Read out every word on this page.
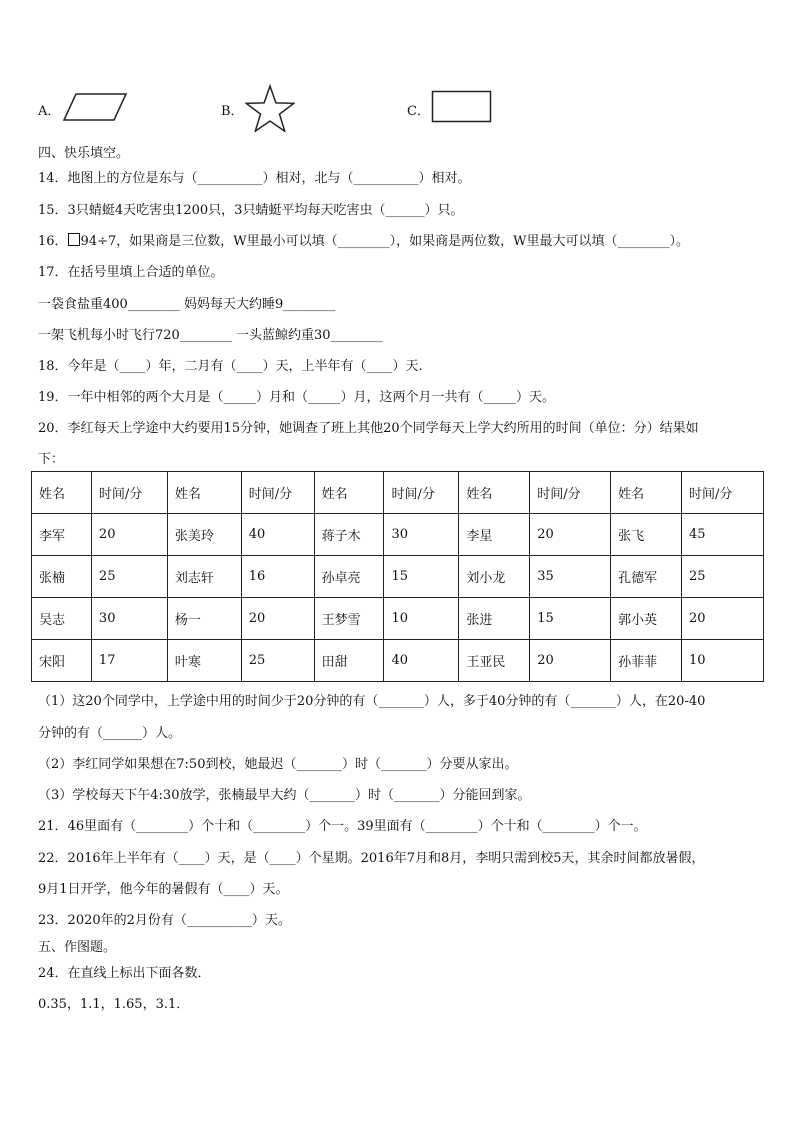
A．	B．	C．
四、快乐填空。
14．地图上的方位是东与（__________）相对，北与（__________）相对。
15．3只蜻蜓4天吃害虫1200只，3只蜻蜓平均每天吃害虫（______）只。
16． 94÷7，如果商是三位数，W里最小可以填（________），如果商是两位数，W里最大可以填（________）。
17．在括号里填上合适的单位。
一袋食盐重400________ 妈妈每天大约睡9________
一架飞机每小时飞行720________ 一头蓝鲸约重30________
18．今年是（____）年，二月有（____）天，上半年有（____）天.
19．一年中相邻的两个大月是（_____）月和（_____）月，这两个月一共有（_____）天。
20．李红每天上学途中大约要用15分钟，她调查了班上其他20个同学每天上学大约所用的时间（单位：分）结果如
下：
姓名	时间/分	姓名	时间/分	姓名	时间/分	姓名	时间/分	姓名	时间/分
李军	20	张美玲	40	蒋子木	30	李星	20	张飞	45
张楠	25	刘志轩	16	孙卓亮	15	刘小龙	35	孔德军	25
吴志	30	杨一	20	王梦雪	10	张进	15	郭小英	20
宋阳	17	叶寒	25	田甜	40	王亚民	20	孙菲菲	10
（1）这20个同学中，上学途中用的时间少于20分钟的有（_______）人，多于40分钟的有（_______）人，在20-40
分钟的有（______）人。
（2）李红同学如果想在7:50到校，她最迟（_______）时（_______）分要从家出。
（3）学校每天下午4:30放学，张楠最早大约（_______）时（_______）分能回到家。
21．46里面有（________）个十和（________）个一。39里面有（________）个十和（________）个一。
22．2016年上半年有（____）天，是（____）个星期。2016年7月和8月，李明只需到校5天，其余时间都放暑假，
9月1日开学，他今年的暑假有（____）天。
23．2020年的2月份有（__________）天。
五、作图题。
24．在直线上标出下面各数．
0.35，1.1，1.65，3.1．
